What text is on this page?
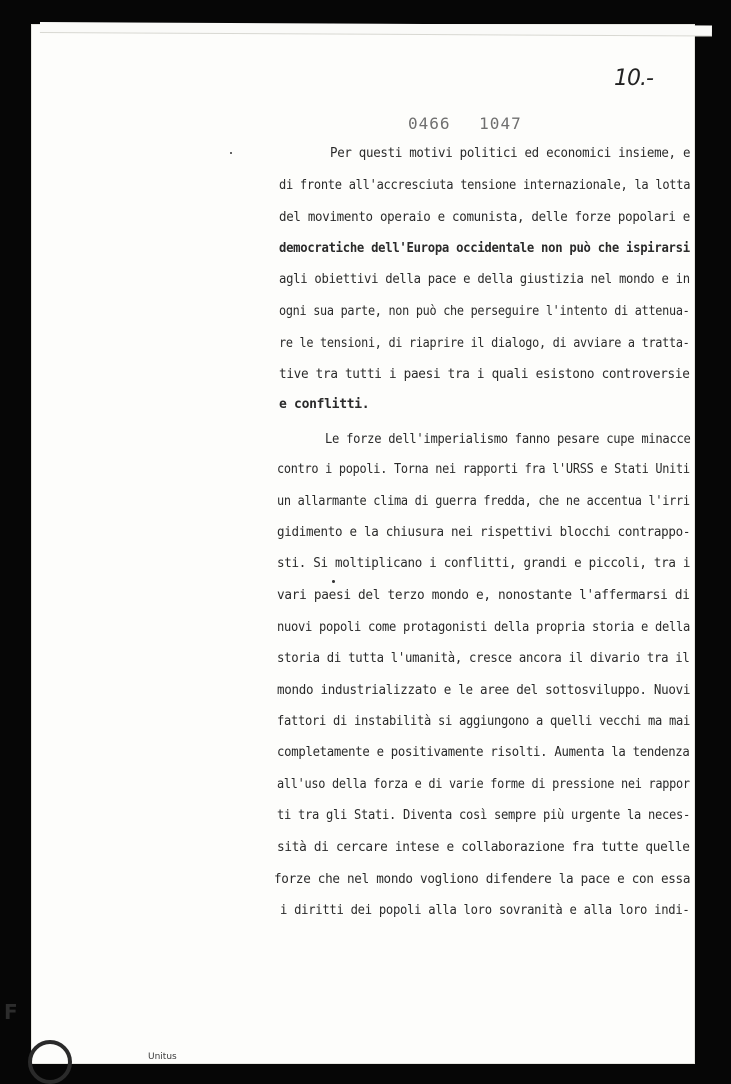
10.-
0466 1047
Per questi motivi politici ed economici insieme, e
di fronte all'accresciuta tensione internazionale, la lotta
del movimento operaio e comunista, delle forze popolari e
democratiche dell'Europa occidentale non può che ispirarsi
agli obiettivi della pace e della giustizia nel mondo e in
ogni sua parte, non può che perseguire l'intento di attenua-
re le tensioni, di riaprire il dialogo, di avviare a tratta-
tive tra tutti i paesi tra i quali esistono controversie
e conflitti.
Le forze dell'imperialismo fanno pesare cupe minacce
contro i popoli. Torna nei rapporti fra l'URSS e Stati Uniti
un allarmante clima di guerra fredda, che ne accentua l'irri
gidimento e la chiusura nei rispettivi blocchi contrappo-
sti. Si moltiplicano i conflitti, grandi e piccoli, tra i
vari paesi del terzo mondo e, nonostante l'affermarsi di
nuovi popoli come protagonisti della propria storia e della
storia di tutta l'umanità, cresce ancora il divario tra il
mondo industrializzato e le aree del sottosviluppo. Nuovi
fattori di instabilità si aggiungono a quelli vecchi ma mai
completamente e positivamente risolti. Aumenta la tendenza
all'uso della forza e di varie forme di pressione nei rappor
ti tra gli Stati. Diventa così sempre più urgente la neces-
sità di cercare intese e collaborazione fra tutte quelle
forze che nel mondo vogliono difendere la pace e con essa
i diritti dei popoli alla loro sovranità e alla loro indi-
F
Unitus
